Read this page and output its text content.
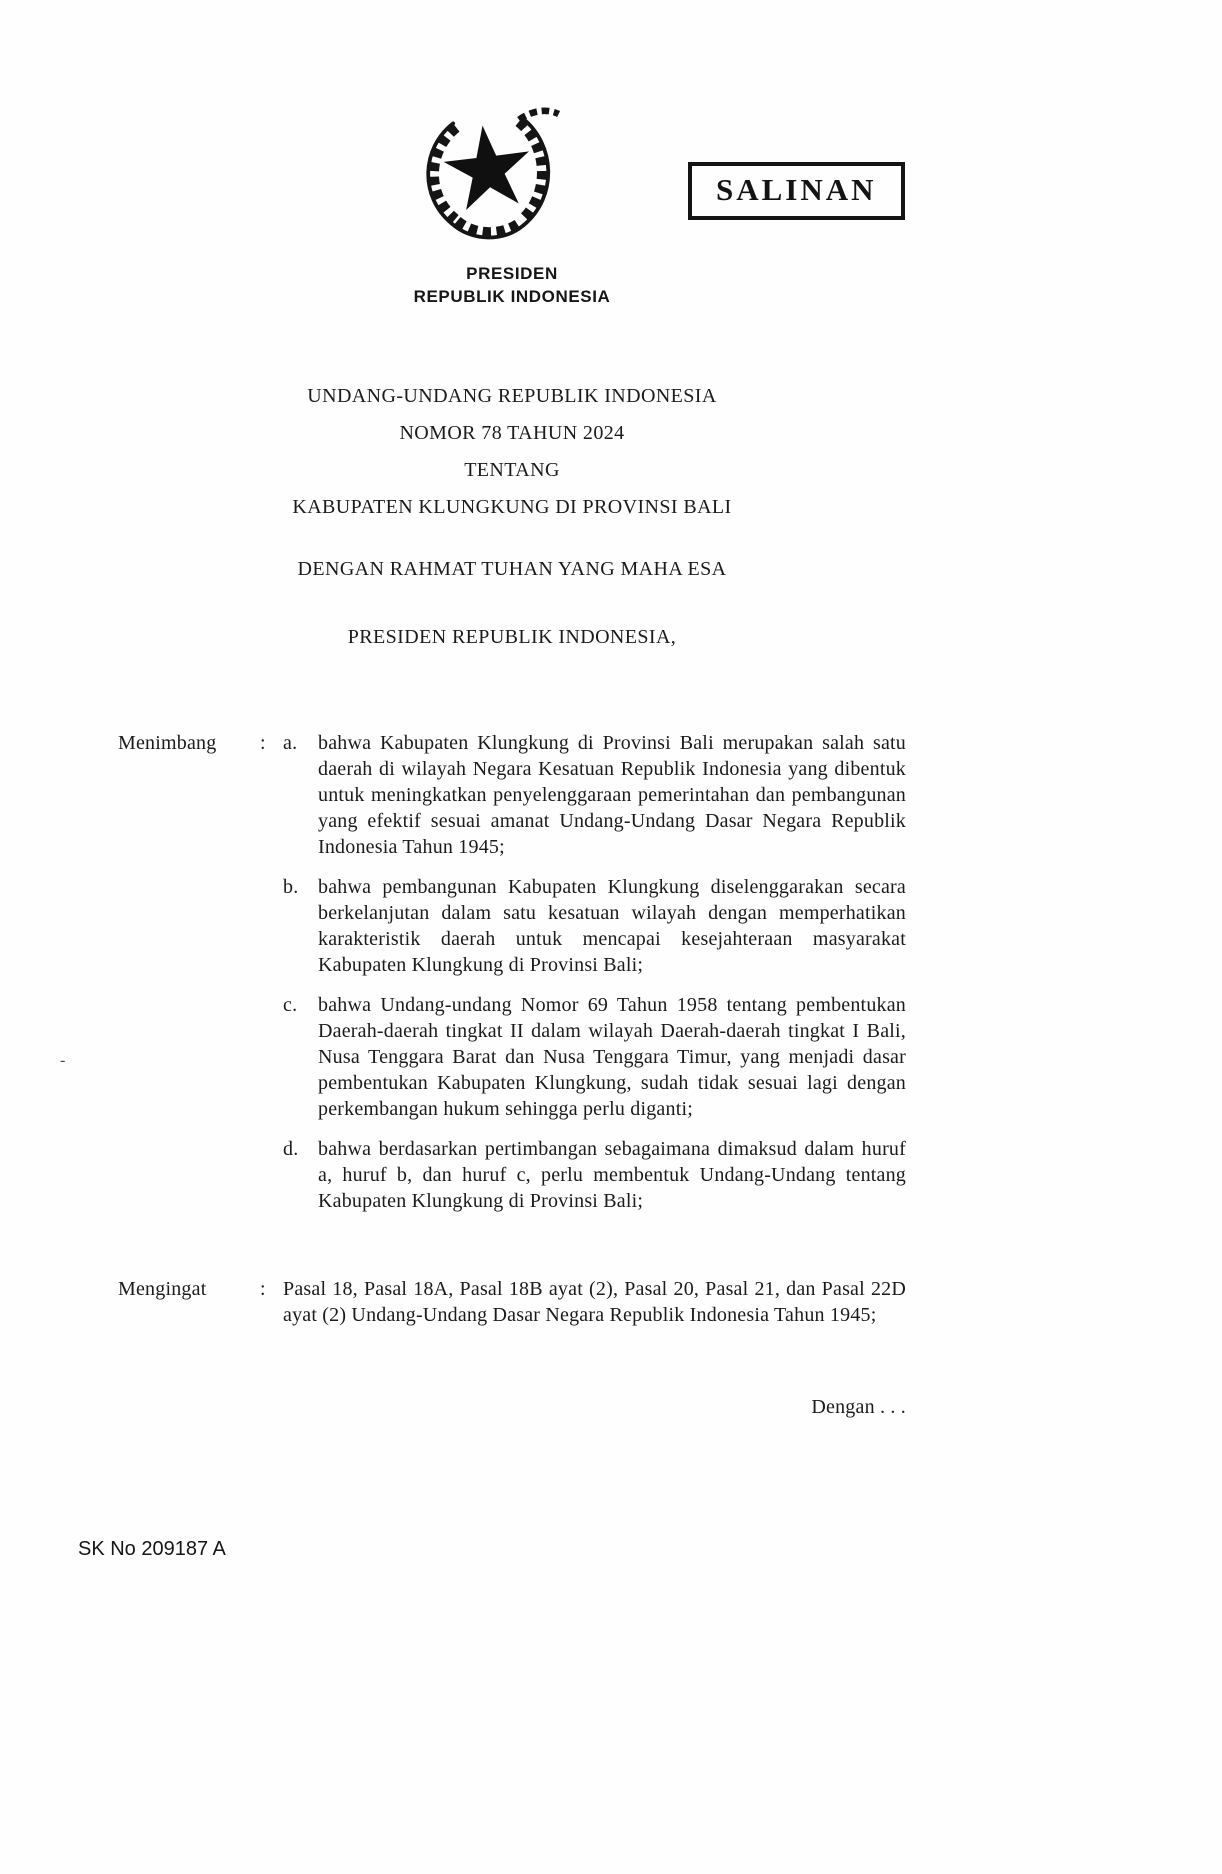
SALINAN
PRESIDEN
REPUBLIK INDONESIA
UNDANG-UNDANG REPUBLIK INDONESIA
NOMOR 78 TAHUN 2024
TENTANG
KABUPATEN KLUNGKUNG DI PROVINSI BALI
DENGAN RAHMAT TUHAN YANG MAHA ESA
PRESIDEN REPUBLIK INDONESIA,
Menimbang	: a.	bahwa Kabupaten Klungkung di Provinsi Bali merupakan salah satu daerah di wilayah Negara Kesatuan Republik Indonesia yang dibentuk untuk meningkatkan penyelenggaraan pemerintahan dan pembangunan yang efektif sesuai amanat Undang-Undang Dasar Negara Republik Indonesia Tahun 1945;
b. bahwa pembangunan Kabupaten Klungkung diselenggarakan secara berkelanjutan dalam satu kesatuan wilayah dengan memperhatikan karakteristik daerah untuk mencapai kesejahteraan masyarakat Kabupaten Klungkung di Provinsi Bali;
c.	bahwa Undang-undang Nomor 69 Tahun 1958 tentang pembentukan Daerah-daerah tingkat II dalam wilayah Daerah-daerah tingkat I Bali, Nusa Tenggara Barat dan Nusa Tenggara Timur, yang menjadi dasar pembentukan Kabupaten Klungkung, sudah tidak sesuai lagi dengan perkembangan hukum sehingga perlu diganti;
d. bahwa berdasarkan pertimbangan sebagaimana dimaksud dalam huruf a, huruf b, dan huruf c, perlu membentuk Undang-Undang tentang Kabupaten Klungkung di Provinsi Bali;
Mengingat	: Pasal 18, Pasal 18A, Pasal 18B ayat (2), Pasal 20, Pasal 21, dan Pasal 22D ayat (2) Undang-Undang Dasar Negara Republik Indonesia Tahun 1945;
Dengan . . .
-
SK No 209187 A
